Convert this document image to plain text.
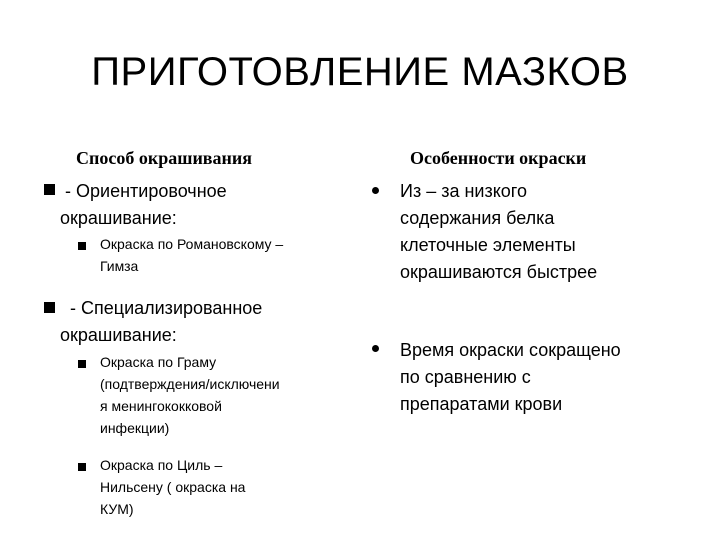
ПРИГОТОВЛЕНИЕ МАЗКОВ
Способ окрашивания	Особенности окраски
- Ориентировочное
окрашивание:
Окраска по Романовскому –
Гимза
- Специализированное
окрашивание:
Окраска по Граму
(подтверждения/исключени
я менингококковой
инфекции)
Окраска по Циль –
Нильсену ( окраска на
КУМ)
Из – за низкого
содержания белка
клеточные элементы
окрашиваются быстрее
Время окраски сокращено
по сравнению с
препаратами крови
